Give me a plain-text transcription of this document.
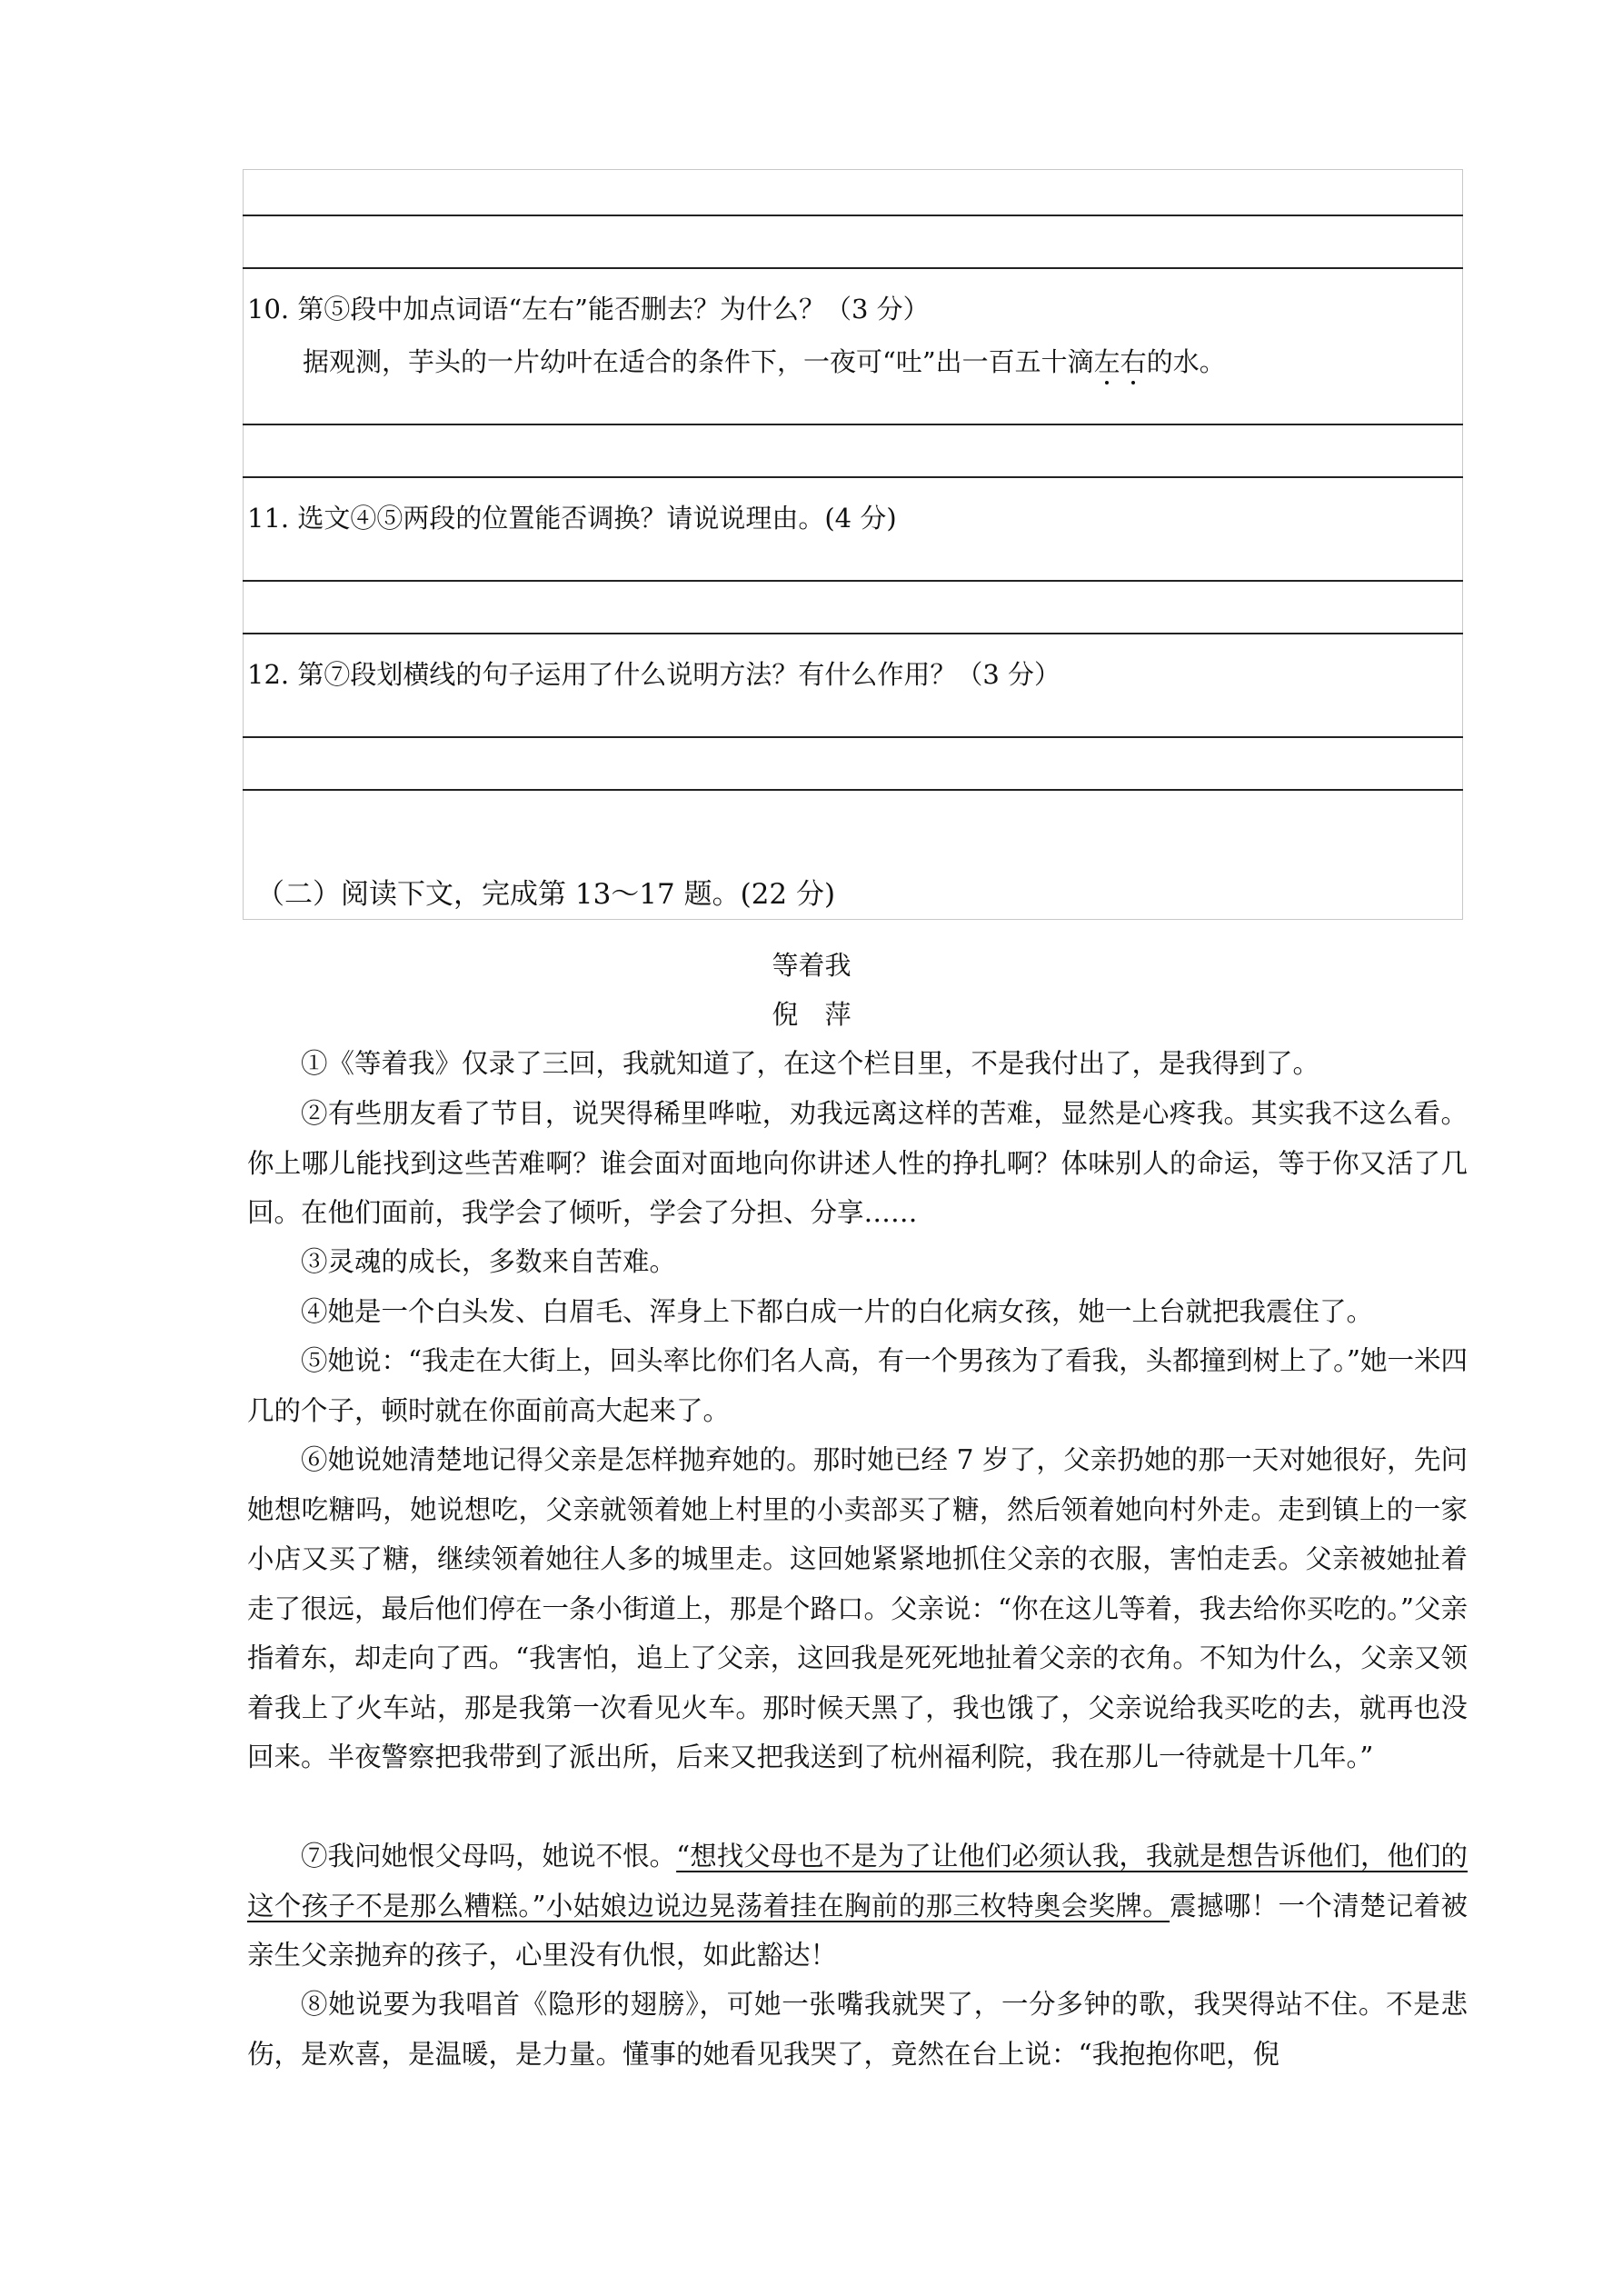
10. 第⑤段中加点词语“左右”能否删去？为什么？（3 分）
据观测，芋头的一片幼叶在适合的条件下，一夜可“吐”出一百五十滴左右的水。
11. 选文④⑤两段的位置能否调换？请说说理由。(4 分)
12. 第⑦段划横线的句子运用了什么说明方法？有什么作用？（3 分）
（二）阅读下文，完成第 13～17 题。(22 分)
等着我
倪　萍
①《等着我》仅录了三回，我就知道了，在这个栏目里，不是我付出了，是我得到了。
②有些朋友看了节目，说哭得稀里哗啦，劝我远离这样的苦难，显然是心疼我。其实我不这么看。你上哪儿能找到这些苦难啊？谁会面对面地向你讲述人性的挣扎啊？体味别人的命运，等于你又活了几回。在他们面前，我学会了倾听，学会了分担、分享……
③灵魂的成长，多数来自苦难。
④她是一个白头发、白眉毛、浑身上下都白成一片的白化病女孩，她一上台就把我震住了。
⑤她说：“我走在大街上，回头率比你们名人高，有一个男孩为了看我，头都撞到树上了。”她一米四几的个子，顿时就在你面前高大起来了。
⑥她说她清楚地记得父亲是怎样抛弃她的。那时她已经 7 岁了，父亲扔她的那一天对她很好，先问她想吃糖吗，她说想吃，父亲就领着她上村里的小卖部买了糖，然后领着她向村外走。走到镇上的一家小店又买了糖，继续领着她往人多的城里走。这回她紧紧地抓住父亲的衣服，害怕走丢。父亲被她扯着走了很远，最后他们停在一条小街道上，那是个路口。父亲说：“你在这儿等着，我去给你买吃的。”父亲指着东，却走向了西。“我害怕，追上了父亲，这回我是死死地扯着父亲的衣角。不知为什么，父亲又领着我上了火车站，那是我第一次看见火车。那时候天黑了，我也饿了，父亲说给我买吃的去，就再也没回来。半夜警察把我带到了派出所，后来又把我送到了杭州福利院，我在那儿一待就是十几年。”
⑦我问她恨父母吗，她说不恨。“想找父母也不是为了让他们必须认我，我就是想告诉他们，他们的这个孩子不是那么糟糕。”小姑娘边说边晃荡着挂在胸前的那三枚特奥会奖牌。震撼哪！一个清楚记着被亲生父亲抛弃的孩子，心里没有仇恨，如此豁达！
⑧她说要为我唱首《隐形的翅膀》，可她一张嘴我就哭了，一分多钟的歌，我哭得站不住。不是悲伤，是欢喜，是温暖，是力量。懂事的她看见我哭了，竟然在台上说：“我抱抱你吧，倪
